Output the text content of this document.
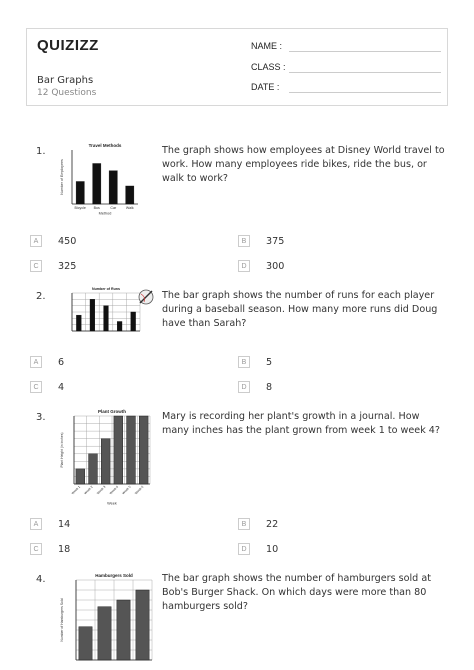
QUIZIZZ
Bar Graphs
12 Questions
NAME :
CLASS :
DATE :
1.
Travel Methods
Bicycle Bus	Car	Walk
Method
Number of Employees
The graph shows how employees at Disney World travel to work. How many employees ride bikes, ride the bus, or walk to work?
A	450	B	375
C	325	D	300
2.
Number of Runs
The bar graph shows the number of runs for each player during a baseball season. How many more runs did Doug have than Sarah?
A	6	B	5
C	4	D	8
3.
Plant Growth
Week 1 Week 2 Week 3 Week 4 Week 5 Week 6
Week
Plant Height (in inches)
Mary is recording her plant's growth in a journal. How many inches has the plant grown from week 1 to week 4?
A	14	B	22
C	18	D	10
4.	Hamburgers Sold
Number of Hamburgers Sold
The bar graph shows the number of hamburgers sold at Bob's Burger Shack. On which days were more than 80 hamburgers sold?
